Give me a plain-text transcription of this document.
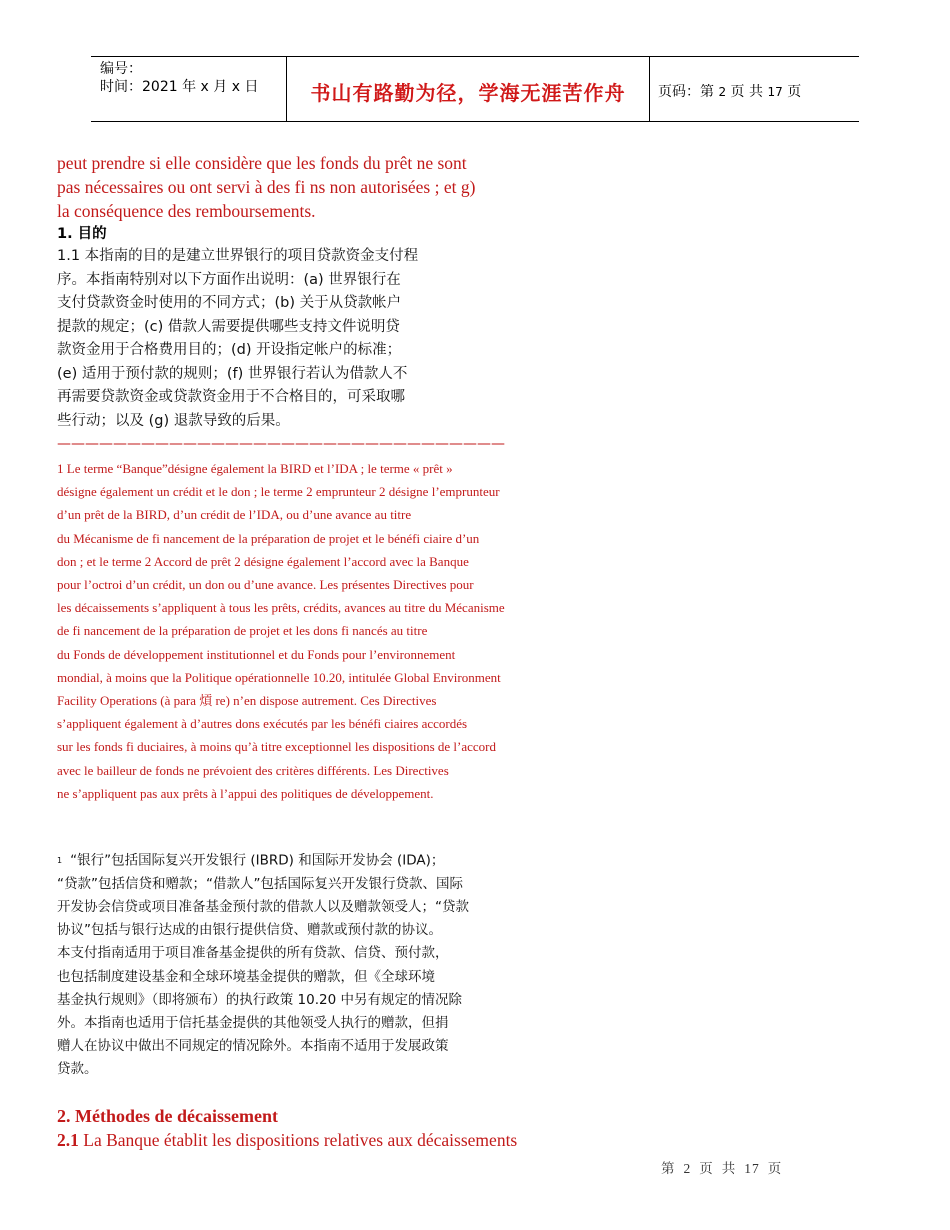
编号：
时间：2021 年 x 月 x 日	书山有路勤为径，学海无涯苦作舟	页码：第 2 页 共 17 页
peut prendre si elle considère que les fonds du prêt ne sont
pas nécessaires ou ont servi à des fi ns non autorisées ; et g)
la conséquence des remboursements.
1. 目的
1.1 本指南的目的是建立世界银行的项目贷款资金支付程
序。本指南特别对以下方面作出说明：(a) 世界银行在
支付贷款资金时使用的不同方式；(b) 关于从贷款帐户
提款的规定；(c) 借款人需要提供哪些支持文件说明贷
款资金用于合格费用目的；(d) 开设指定帐户的标准；
(e) 适用于预付款的规则；(f) 世界银行若认为借款人不
再需要贷款资金或贷款资金用于不合格目的，可采取哪
些行动；以及 (g) 退款导致的后果。
————————————————————————————————
1 Le terme “Banque”désigne également la BIRD et l’IDA ; le terme « prêt »
désigne également un crédit et le don ; le terme 2 emprunteur 2 désigne l’emprunteur
d’un prêt de la BIRD, d’un crédit de l’IDA, ou d’une avance au titre
du Mécanisme de fi nancement de la préparation de projet et le bénéfi ciaire d’un
don ; et le terme 2 Accord de prêt 2 désigne également l’accord avec la Banque
pour l’octroi d’un crédit, un don ou d’une avance. Les présentes Directives pour
les décaissements s’appliquent à tous les prêts, crédits, avances au titre du Mécanisme
de fi nancement de la préparation de projet et les dons fi nancés au titre
du Fonds de développement institutionnel et du Fonds pour l’environnement
mondial, à moins que la Politique opérationnelle 10.20, intitulée Global Environment
Facility Operations (à para 熕 re) n’en dispose autrement. Ces Directives
s’appliquent également à d’autres dons exécutés par les bénéfi ciaires accordés
sur les fonds fi duciaires, à moins qu’à titre exceptionnel les dispositions de l’accord
avec le bailleur de fonds ne prévoient des critères différents. Les Directives
ne s’appliquent pas aux prêts à l’appui des politiques de développement.
1 “银行”包括国际复兴开发银行 (IBRD) 和国际开发协会 (IDA)；
“贷款”包括信贷和赠款；“借款人”包括国际复兴开发银行贷款、国际
开发协会信贷或项目准备基金预付款的借款人以及赠款领受人；“贷款
协议”包括与银行达成的由银行提供信贷、赠款或预付款的协议。
本支付指南适用于项目准备基金提供的所有贷款、信贷、预付款，
也包括制度建设基金和全球环境基金提供的赠款，但《全球环境
基金执行规则》（即将颁布）的执行政策 10.20 中另有规定的情况除
外。本指南也适用于信托基金提供的其他领受人执行的赠款，但捐
赠人在协议中做出不同规定的情况除外。本指南不适用于发展政策
贷款。
2. Méthodes de décaissement
2.1 La Banque établit les dispositions relatives aux décaissements
第 2 页 共 17 页
